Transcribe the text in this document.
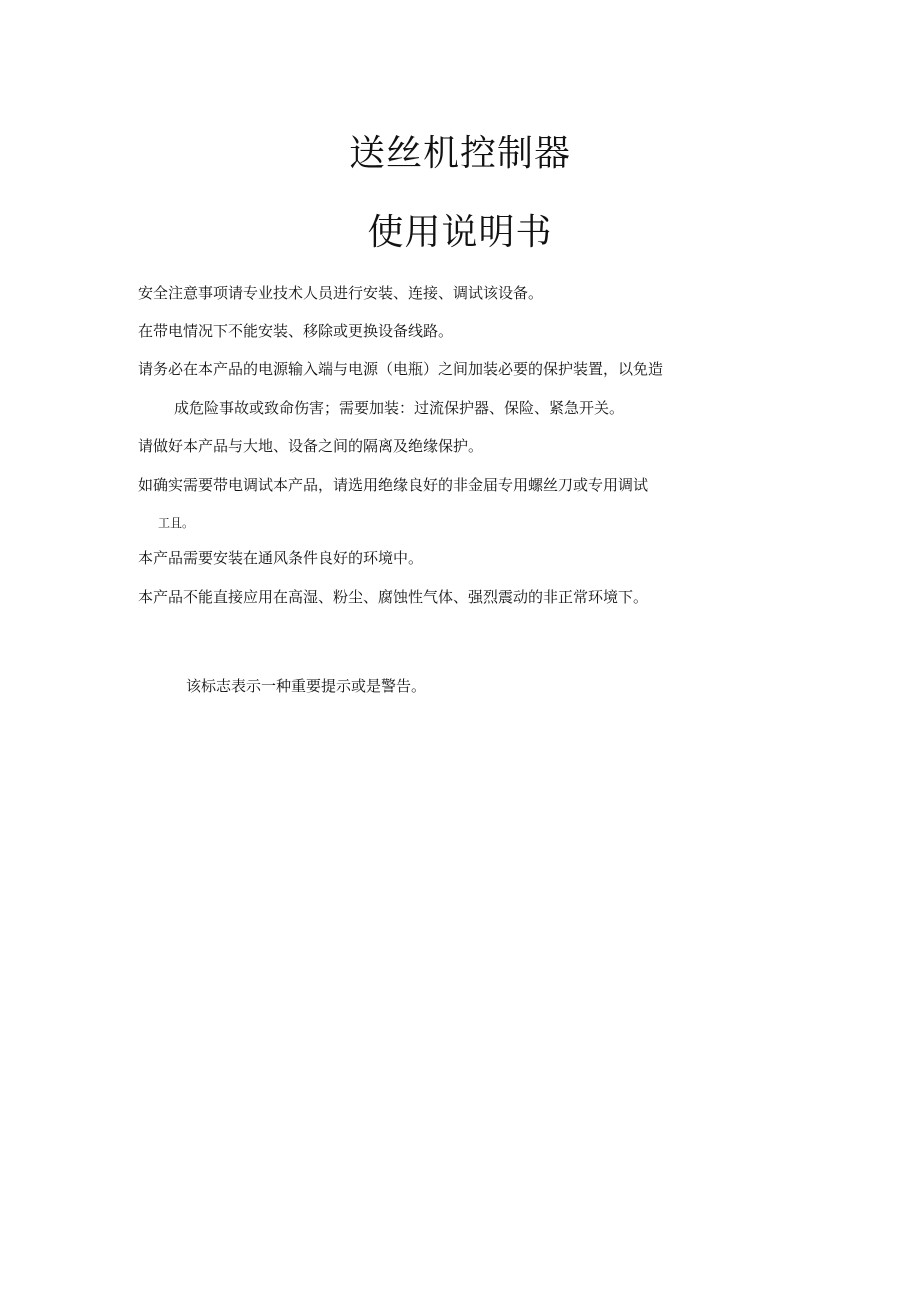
送丝机控制器
使用说明书

安全注意事项请专业技术人员进行安装、连接、调试该设备。

在带电情况下不能安装、移除或更换设备线路。

请务必在本产品的电源输入端与电源（电瓶）之间加装必要的保护装置，以免造

成危险事故或致命伤害；需要加装：过流保护器、保险、紧急开关。

请做好本产品与大地、设备之间的隔离及绝缘保护。

如确实需要带电调试本产品，请选用绝缘良好的非金届专用螺丝刀或专用调试

工且。

本产品需要安装在通风条件良好的环境中。

本产品不能直接应用在高湿、粉尘、腐蚀性气体、强烈震动的非正常环境下。

该标志表示一种重要提示或是警告。
